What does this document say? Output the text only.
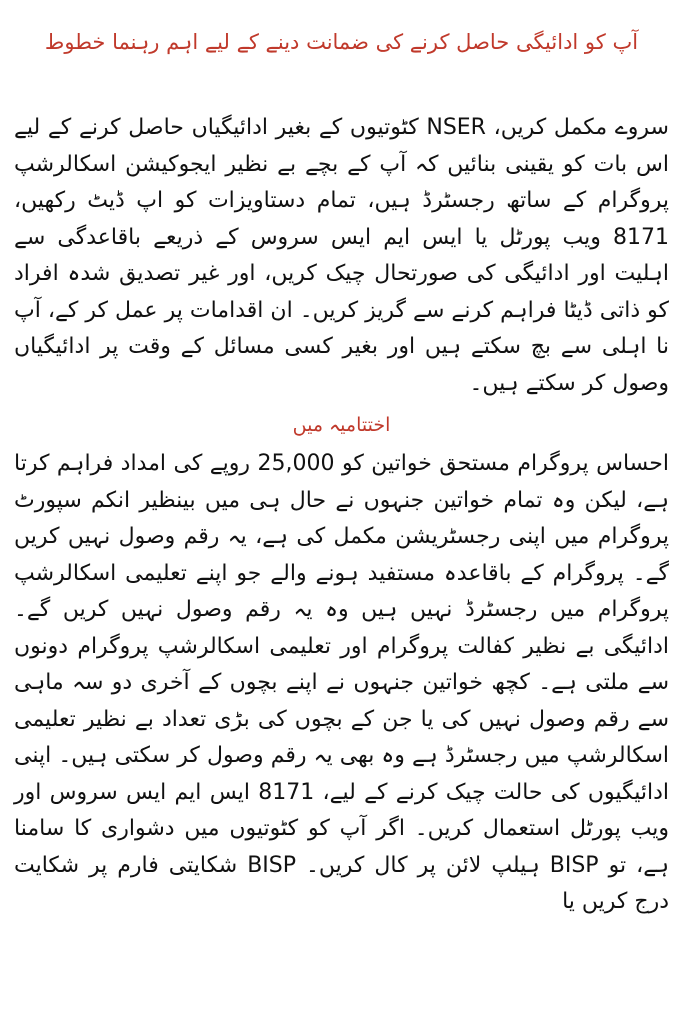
آپ کو ادائیگی حاصل کرنے کی ضمانت دینے کے لیے اہم رہنما خطوط

سروے مکمل کریں، NSER کٹوتیوں کے بغیر ادائیگیاں حاصل کرنے کے لیے اس بات کو یقینی بنائیں کہ آپ کے بچے بے نظیر ایجوکیشن اسکالرشپ پروگرام کے ساتھ رجسٹرڈ ہیں، تمام دستاویزات کو اپ ڈیٹ رکھیں، 8171 ویب پورٹل یا ایس ایم ایس سروس کے ذریعے باقاعدگی سے اہلیت اور ادائیگی کی صورتحال چیک کریں، اور غیر تصدیق شدہ افراد کو ذاتی ڈیٹا فراہم کرنے سے گریز کریں۔ ان اقدامات پر عمل کر کے، آپ نا اہلی سے بچ سکتے ہیں اور بغیر کسی مسائل کے وقت پر ادائیگیاں وصول کر سکتے ہیں۔

اختتامیہ میں

احساس پروگرام مستحق خواتین کو 25,000 روپے کی امداد فراہم کرتا ہے، لیکن وہ تمام خواتین جنہوں نے حال ہی میں بینظیر انکم سپورٹ پروگرام میں اپنی رجسٹریشن مکمل کی ہے، یہ رقم وصول نہیں کریں گے۔ پروگرام کے باقاعدہ مستفید ہونے والے جو اپنے تعلیمی اسکالرشپ پروگرام میں رجسٹرڈ نہیں ہیں وہ یہ رقم وصول نہیں کریں گے۔ ادائیگی بے نظیر کفالت پروگرام اور تعلیمی اسکالرشپ پروگرام دونوں سے ملتی ہے۔ کچھ خواتین جنہوں نے اپنے بچوں کے آخری دو سہ ماہی سے رقم وصول نہیں کی یا جن کے بچوں کی بڑی تعداد بے نظیر تعلیمی اسکالرشپ میں رجسٹرڈ ہے وہ بھی یہ رقم وصول کر سکتی ہیں۔ اپنی ادائیگیوں کی حالت چیک کرنے کے لیے، 8171 ایس ایم ایس سروس اور ویب پورٹل استعمال کریں۔ اگر آپ کو کٹوتیوں میں دشواری کا سامنا ہے، تو BISP ہیلپ لائن پر کال کریں۔ BISP شکایتی فارم پر شکایت درج کریں یا
